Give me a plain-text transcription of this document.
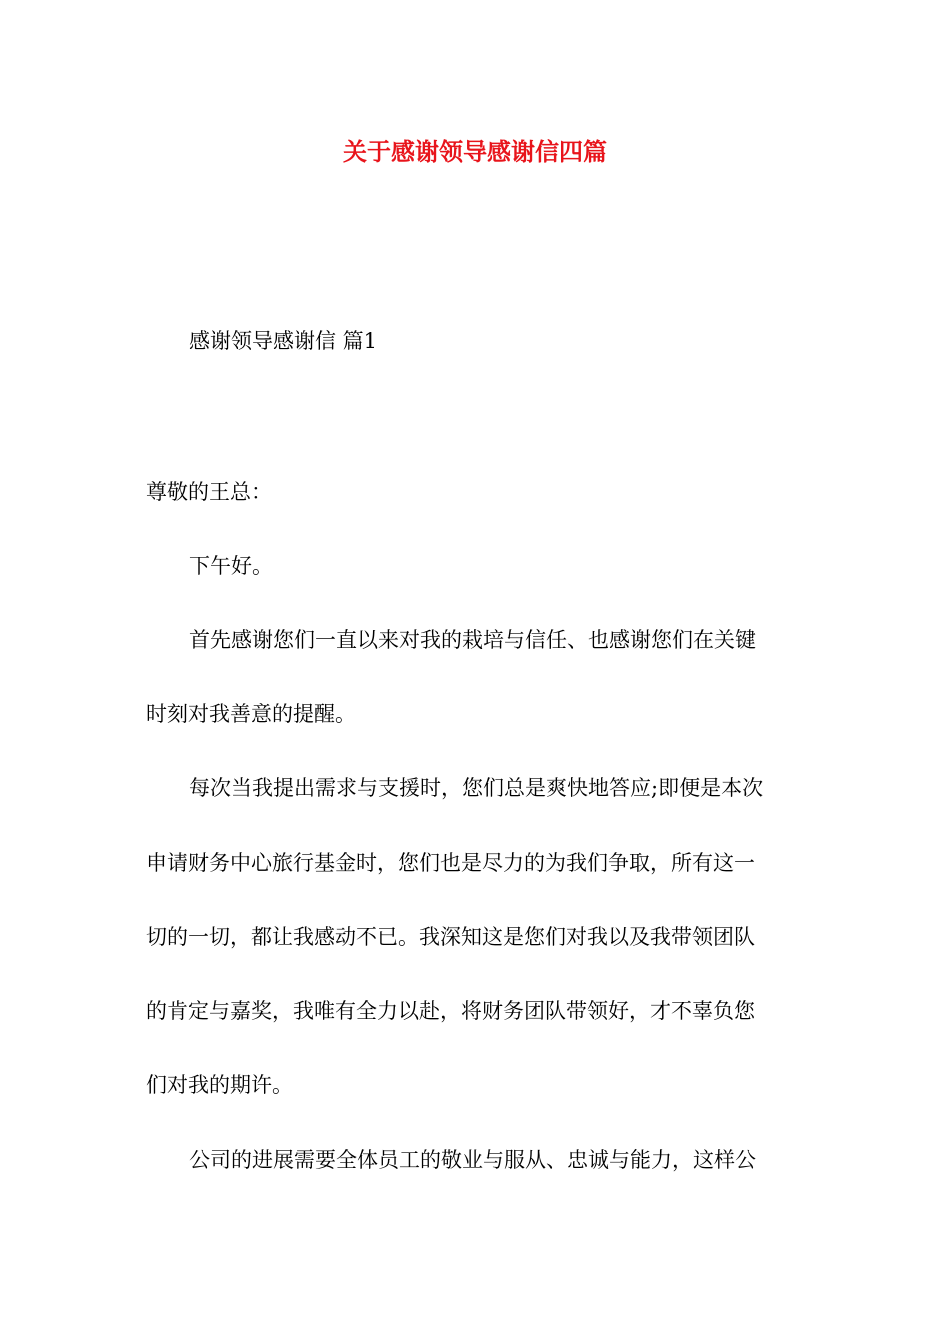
关于感谢领导感谢信四篇
感谢领导感谢信 篇1
尊敬的王总：
下午好。
首先感谢您们一直以来对我的栽培与信任、也感谢您们在关键
时刻对我善意的提醒。
每次当我提出需求与支援时，您们总是爽快地答应;即便是本次
申请财务中心旅行基金时，您们也是尽力的为我们争取，所有这一
切的一切，都让我感动不已。我深知这是您们对我以及我带领团队
的肯定与嘉奖，我唯有全力以赴，将财务团队带领好，才不辜负您
们对我的期许。
公司的进展需要全体员工的敬业与服从、忠诚与能力，这样公
